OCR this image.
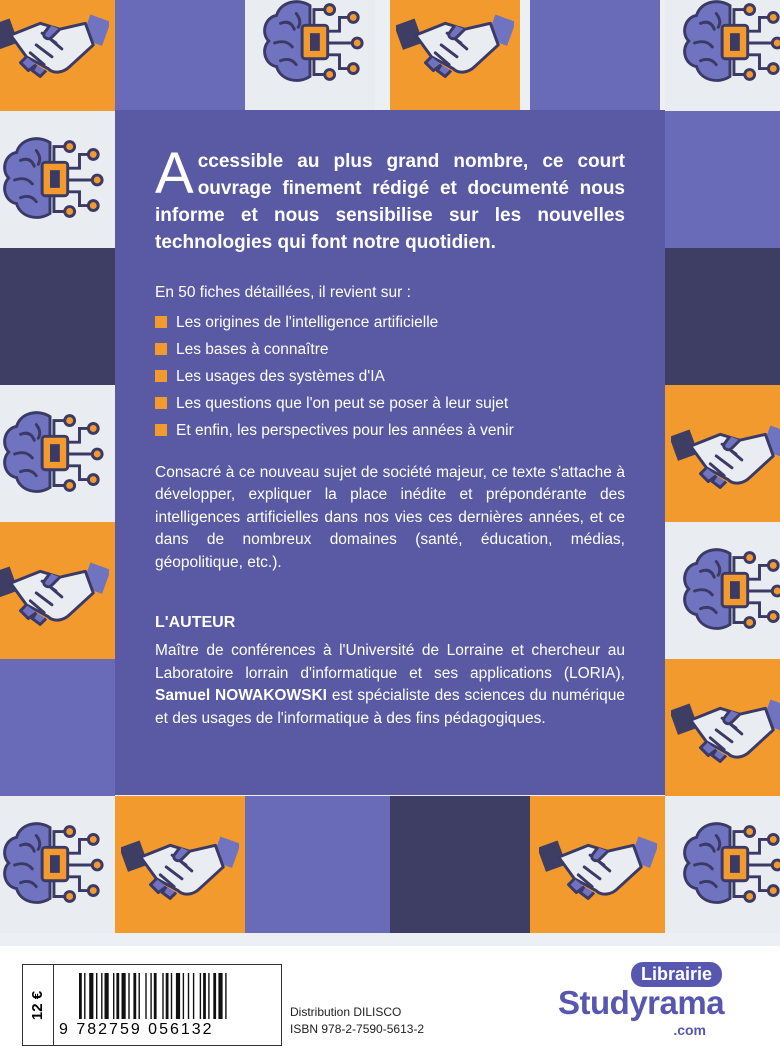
Accessible au plus grand nombre, ce court ouvrage finement rédigé et documenté nous informe et nous sensibilise sur les nouvelles technologies qui font notre quotidien.

En 50 fiches détaillées, il revient sur :

Les origines de l'intelligence artificielle
Les bases à connaître
Les usages des systèmes d'IA
Les questions que l'on peut se poser à leur sujet
Et enfin, les perspectives pour les années à venir

Consacré à ce nouveau sujet de société majeur, ce texte s'attache à développer, expliquer la place inédite et prépondérante des intelligences artificielles dans nos vies ces dernières années, et ce dans de nombreux domaines (santé, éducation, médias, géopolitique, etc.).

L'AUTEUR

Maître de conférences à l'Université de Lorraine et chercheur au Laboratoire lorrain d'informatique et ses applications (LORIA), Samuel NOWAKOWSKI est spécialiste des sciences du numérique et des usages de l'informatique à des fins pédagogiques.

12 €
9 782759 056132
Distribution DILISCO
ISBN 978-2-7590-5613-2
Librairie
Studyrama
.com
